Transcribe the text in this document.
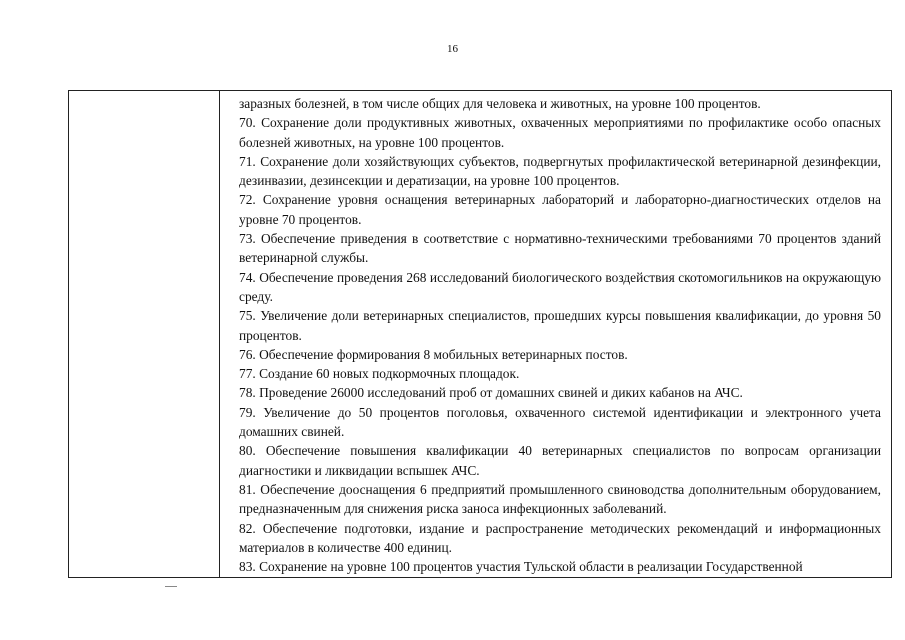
16

заразных болезней, в том числе общих для человека и животных, на уровне 100 процентов.

70. Сохранение доли продуктивных животных, охваченных мероприятиями по профилактике особо опасных болезней животных, на уровне 100 процентов.

71. Сохранение доли хозяйствующих субъектов, подвергнутых профилактической ветеринарной дезинфекции, дезинвазии, дезинсекции и дератизации, на уровне 100 процентов.

72. Сохранение уровня оснащения ветеринарных лабораторий и лабораторно-диагностических отделов на уровне 70 процентов.

73. Обеспечение приведения в соответствие с нормативно-техническими требованиями 70 процентов зданий ветеринарной службы.

74. Обеспечение проведения 268 исследований биологического воздействия скотомогильников на окружающую среду.

75. Увеличение доли ветеринарных специалистов, прошедших курсы повышения квалификации, до уровня 50 процентов.

76. Обеспечение формирования 8 мобильных ветеринарных постов.

77. Создание 60 новых подкормочных площадок.

78. Проведение 26000 исследований проб от домашних свиней и диких кабанов на АЧС.

79. Увеличение до 50 процентов поголовья, охваченного системой идентификации и электронного учета домашних свиней.

80. Обеспечение повышения квалификации 40 ветеринарных специалистов по вопросам организации диагностики и ликвидации вспышек АЧС.

81. Обеспечение дооснащения 6 предприятий промышленного свиноводства дополнительным оборудованием, предназначенным для снижения риска заноса инфекционных заболеваний.

82. Обеспечение подготовки, издание и распространение методических рекомендаций и информационных материалов в количестве 400 единиц.

83. Сохранение на уровне 100 процентов участия Тульской области в реализации Государственной
